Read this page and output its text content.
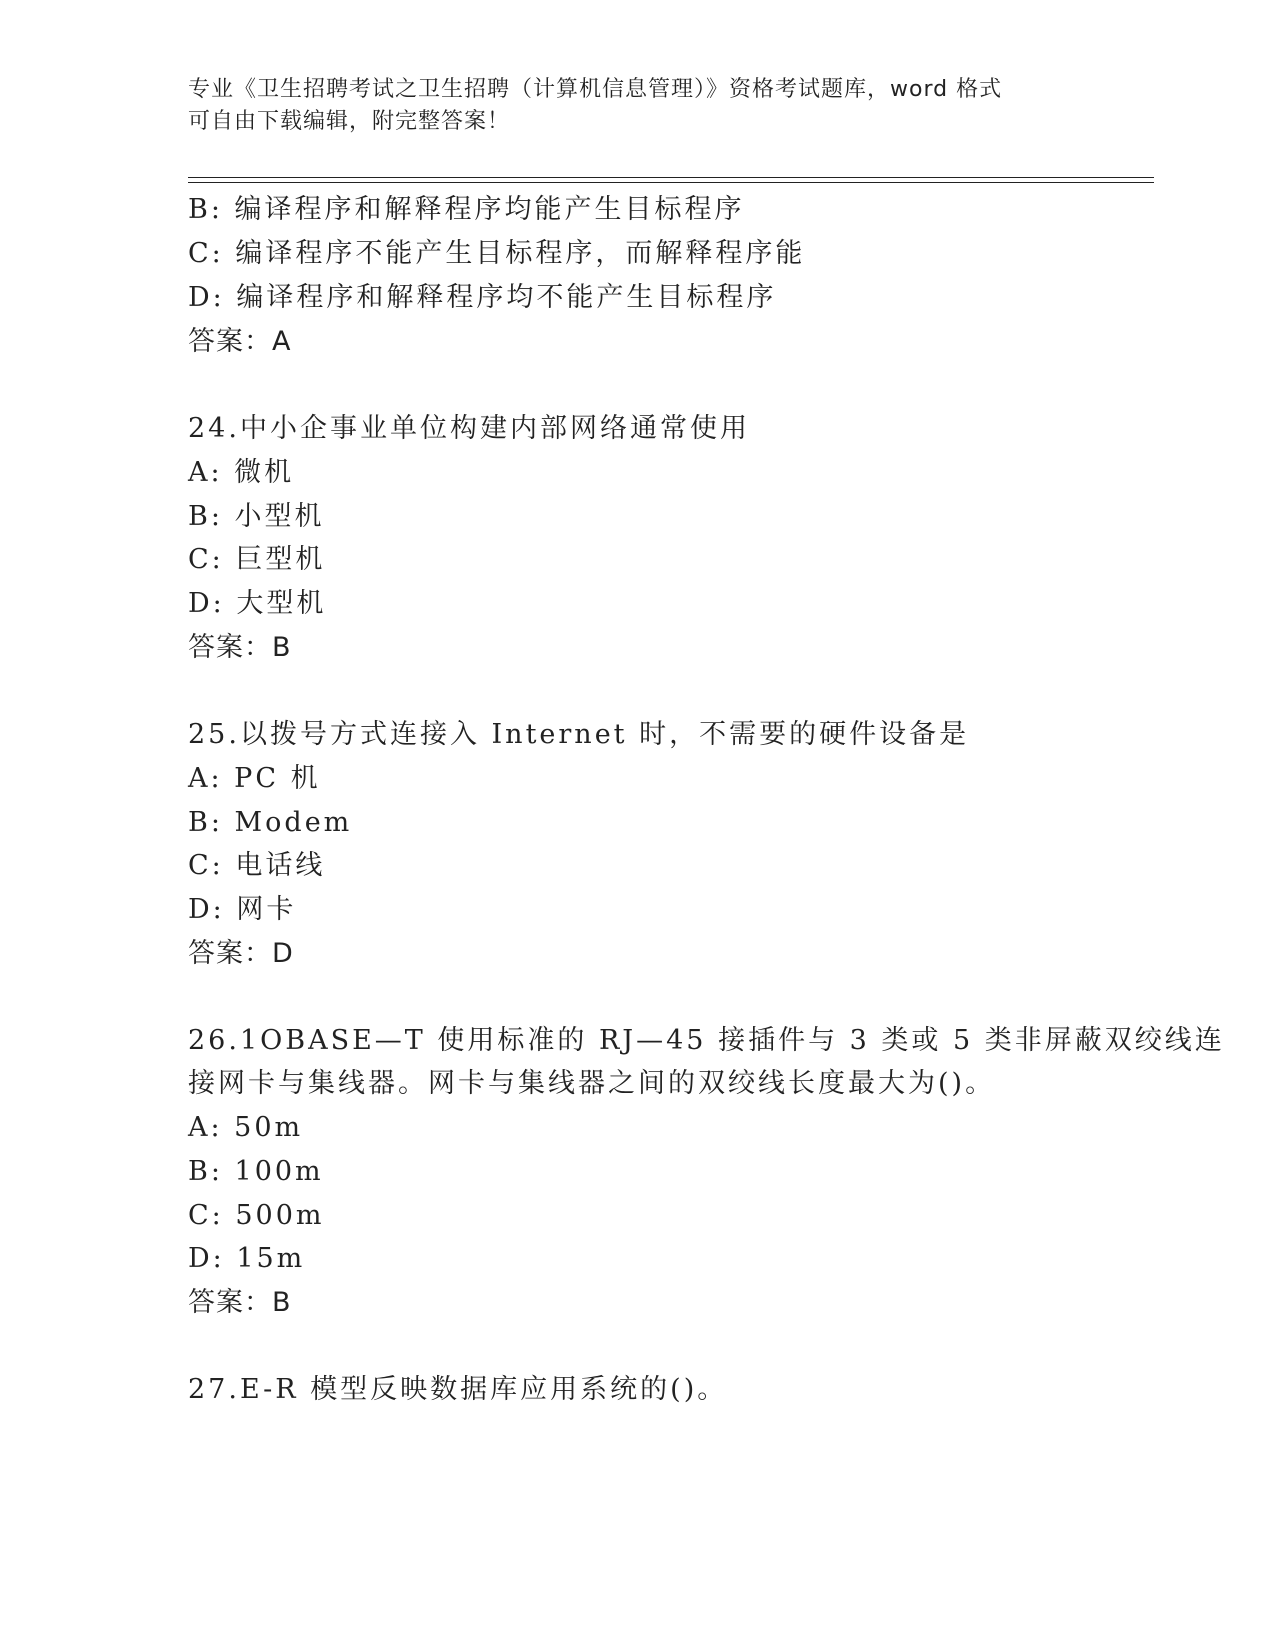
专业《卫生招聘考试之卫生招聘（计算机信息管理）》资格考试题库，word 格式
可自由下载编辑，附完整答案！
B: 编译程序和解释程序均能产生目标程序
C: 编译程序不能产生目标程序，而解释程序能
D: 编译程序和解释程序均不能产生目标程序
答案：A
24.中小企事业单位构建内部网络通常使用
A: 微机
B: 小型机
C: 巨型机
D: 大型机
答案：B
25.以拨号方式连接入 Internet 时，不需要的硬件设备是
A: PC 机
B: Modem
C: 电话线
D: 网卡
答案：D
26.1OBASE—T 使用标准的 RJ—45 接插件与 3 类或 5 类非屏蔽双绞线连
接网卡与集线器。网卡与集线器之间的双绞线长度最大为()。
A: 50m
B: 100m
C: 500m
D: 15m
答案：B
27.E-R 模型反映数据库应用系统的()。
